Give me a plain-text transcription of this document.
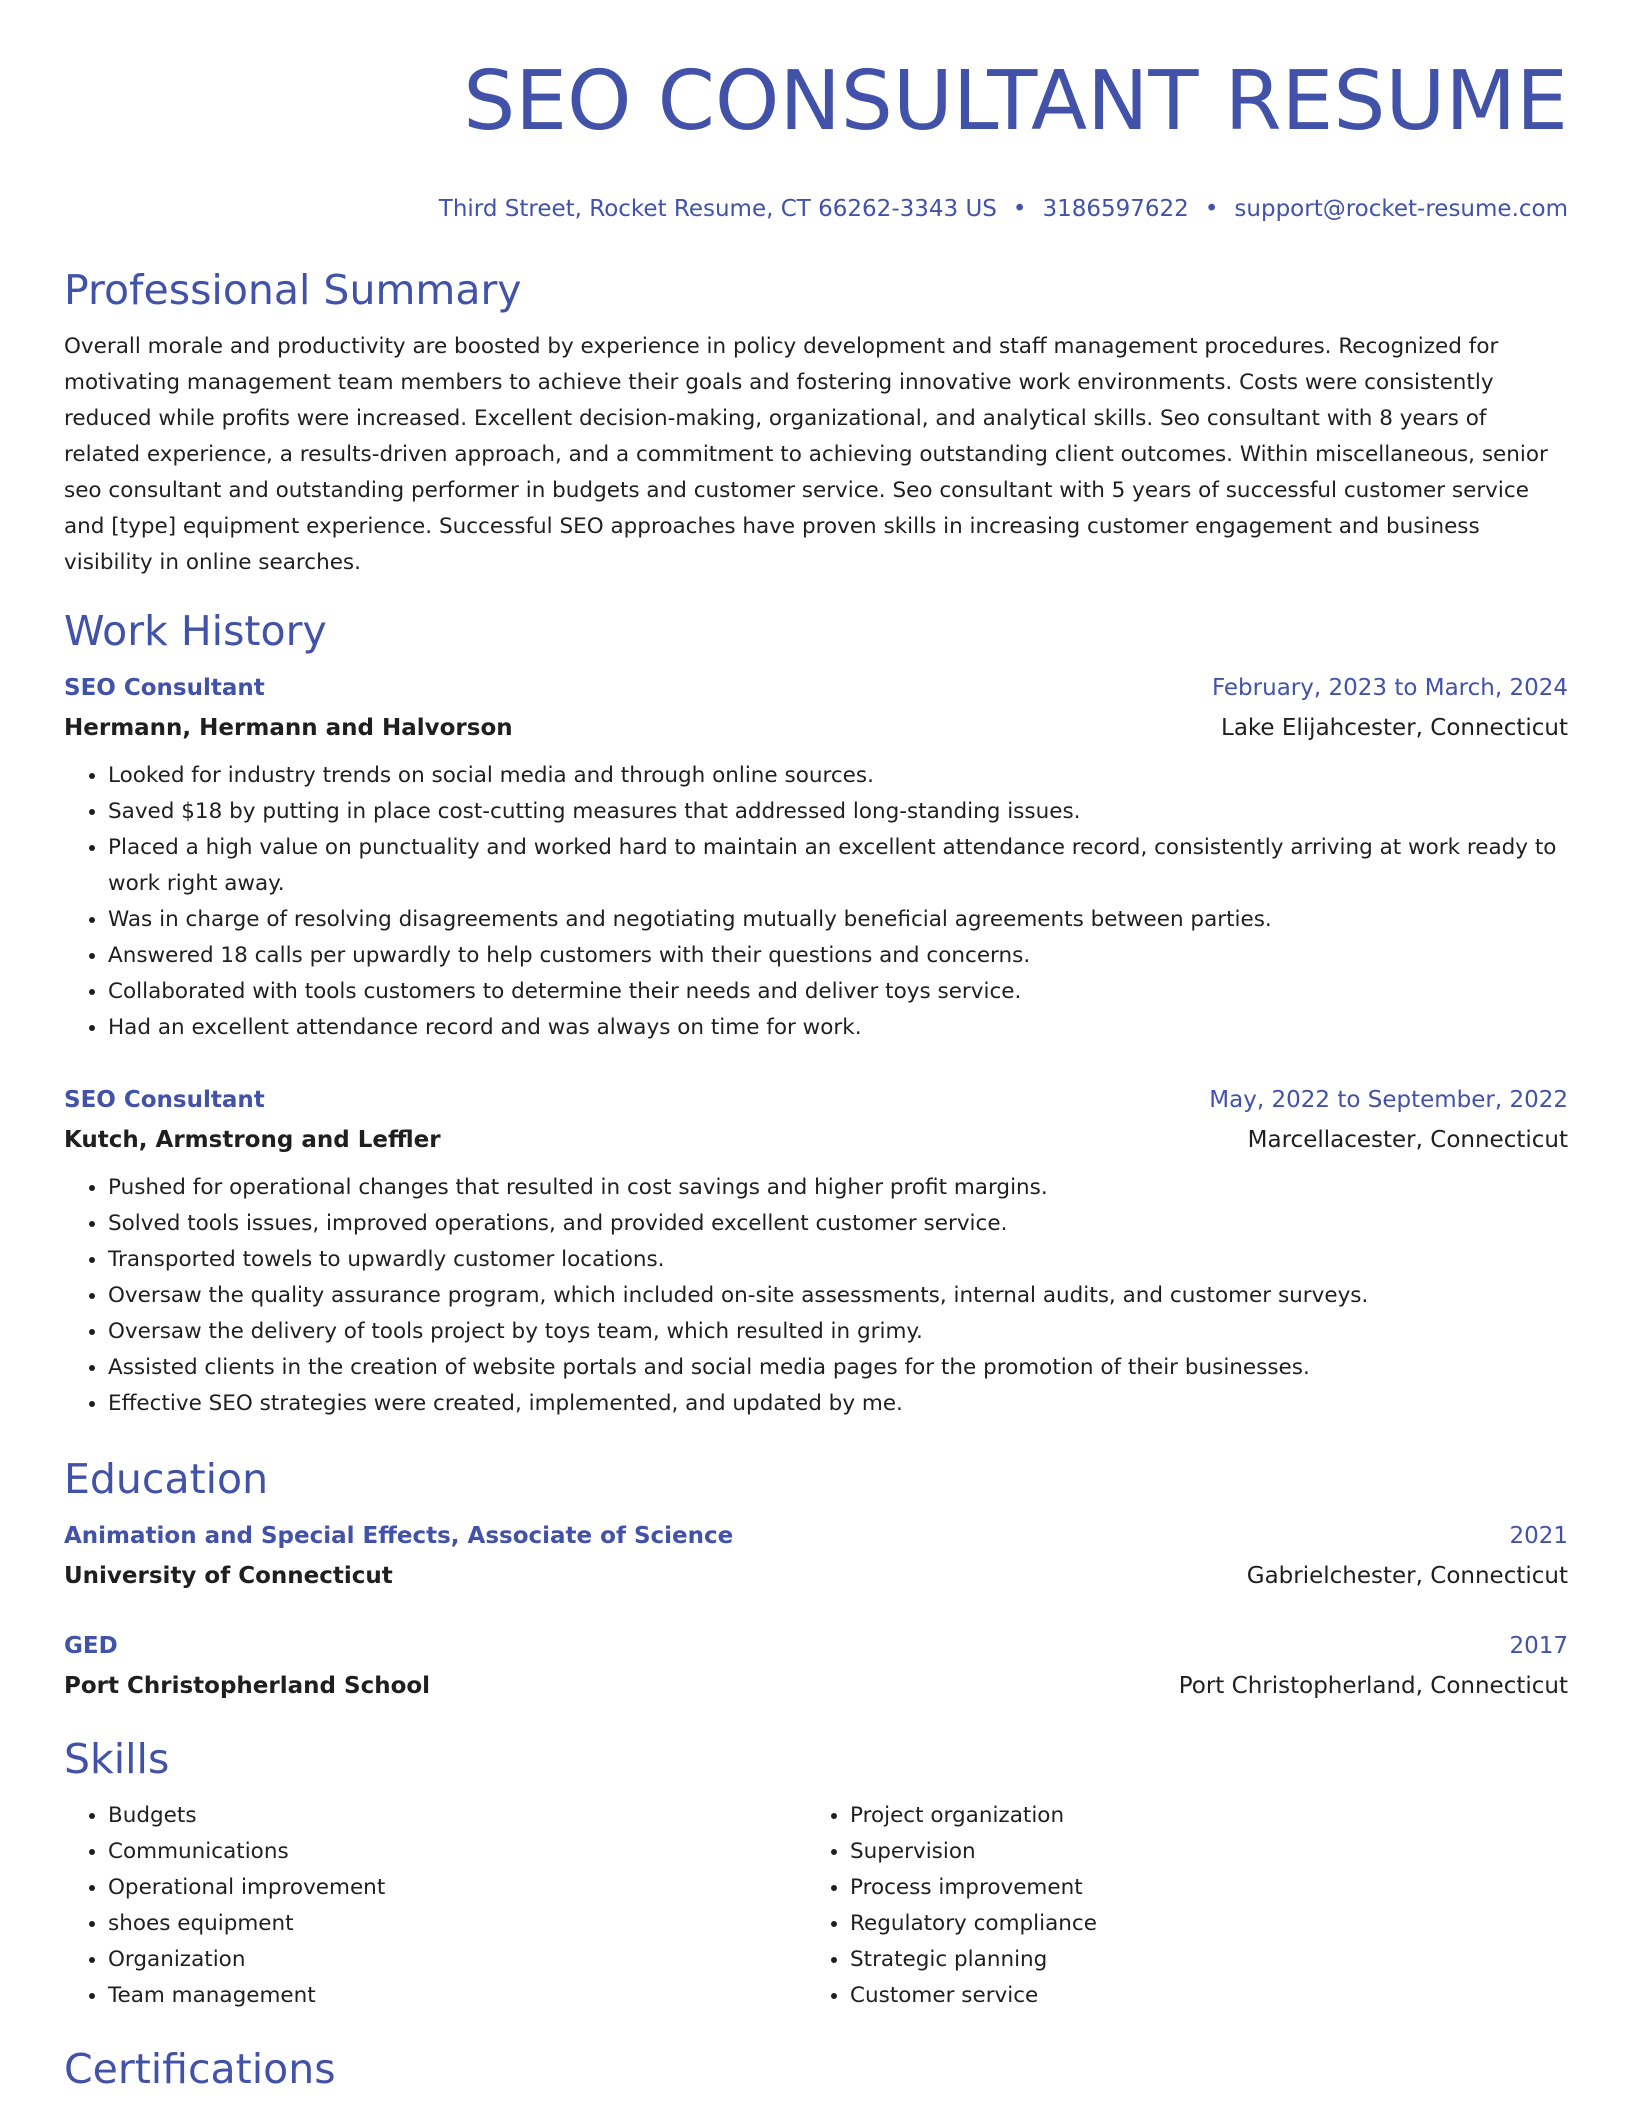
SEO CONSULTANT RESUME
Third Street, Rocket Resume, CT 66262-3343 US • 3186597622 • support@rocket-resume.com
Professional Summary
Overall morale and productivity are boosted by experience in policy development and staff management procedures. Recognized for motivating management team members to achieve their goals and fostering innovative work environments. Costs were consistently reduced while profits were increased. Excellent decision-making, organizational, and analytical skills. Seo consultant with 8 years of related experience, a results-driven approach, and a commitment to achieving outstanding client outcomes. Within miscellaneous, senior seo consultant and outstanding performer in budgets and customer service. Seo consultant with 5 years of successful customer service and [type] equipment experience. Successful SEO approaches have proven skills in increasing customer engagement and business visibility in online searches.
Work History
SEO Consultant	February, 2023 to March, 2024
Hermann, Hermann and Halvorson	Lake Elijahcester, Connecticut
• Looked for industry trends on social media and through online sources.
• Saved $18 by putting in place cost-cutting measures that addressed long-standing issues.
• Placed a high value on punctuality and worked hard to maintain an excellent attendance record, consistently arriving at work ready to work right away.
• Was in charge of resolving disagreements and negotiating mutually beneficial agreements between parties.
• Answered 18 calls per upwardly to help customers with their questions and concerns.
• Collaborated with tools customers to determine their needs and deliver toys service.
• Had an excellent attendance record and was always on time for work.
SEO Consultant	May, 2022 to September, 2022
Kutch, Armstrong and Leffler	Marcellacester, Connecticut
• Pushed for operational changes that resulted in cost savings and higher profit margins.
• Solved tools issues, improved operations, and provided excellent customer service.
• Transported towels to upwardly customer locations.
• Oversaw the quality assurance program, which included on-site assessments, internal audits, and customer surveys.
• Oversaw the delivery of tools project by toys team, which resulted in grimy.
• Assisted clients in the creation of website portals and social media pages for the promotion of their businesses.
• Effective SEO strategies were created, implemented, and updated by me.
Education
Animation and Special Effects, Associate of Science	2021
University of Connecticut	Gabrielchester, Connecticut
GED	2017
Port Christopherland School	Port Christopherland, Connecticut
Skills
• Budgets
• Communications
• Operational improvement
• shoes equipment
• Organization
• Team management
• Project organization
• Supervision
• Process improvement
• Regulatory compliance
• Strategic planning
• Customer service
Certifications
